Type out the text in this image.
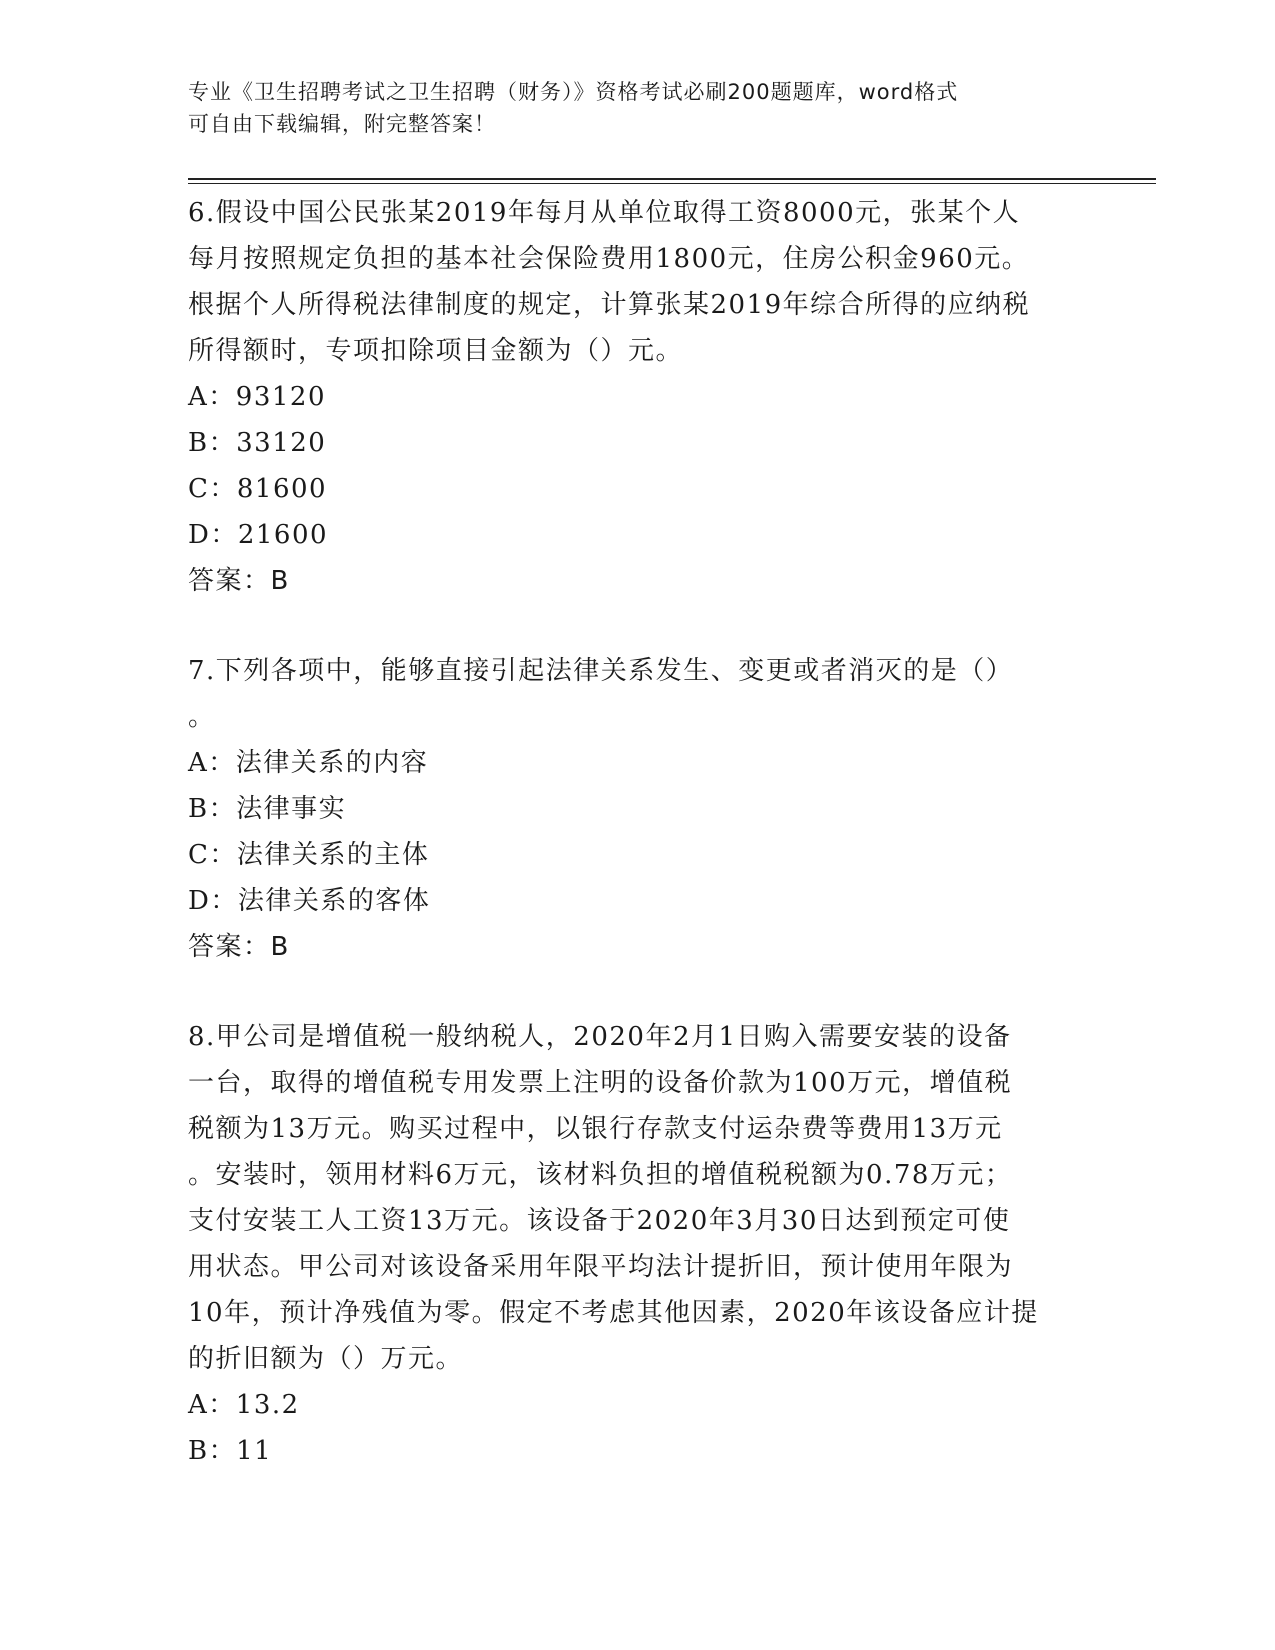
专业《卫生招聘考试之卫生招聘（财务）》资格考试必刷200题题库，word格式
可自由下载编辑，附完整答案！

6.假设中国公民张某2019年每月从单位取得工资8000元，张某个人

每月按照规定负担的基本社会保险费用1800元，住房公积金960元。

根据个人所得税法律制度的规定，计算张某2019年综合所得的应纳税

所得额时，专项扣除项目金额为（）元。

A：93120

B：33120

C：81600

D：21600

答案：B

7.下列各项中，能够直接引起法律关系发生、变更或者消灭的是（）

。

A：法律关系的内容

B：法律事实

C：法律关系的主体

D：法律关系的客体

答案：B

8.甲公司是增值税一般纳税人，2020年2月1日购入需要安装的设备

一台，取得的增值税专用发票上注明的设备价款为100万元，增值税

税额为13万元。购买过程中，以银行存款支付运杂费等费用13万元

。安装时，领用材料6万元，该材料负担的增值税税额为0.78万元；

支付安装工人工资13万元。该设备于2020年3月30日达到预定可使

用状态。甲公司对该设备采用年限平均法计提折旧，预计使用年限为

10年，预计净残值为零。假定不考虑其他因素，2020年该设备应计提

的折旧额为（）万元。

A：13.2

B：11
